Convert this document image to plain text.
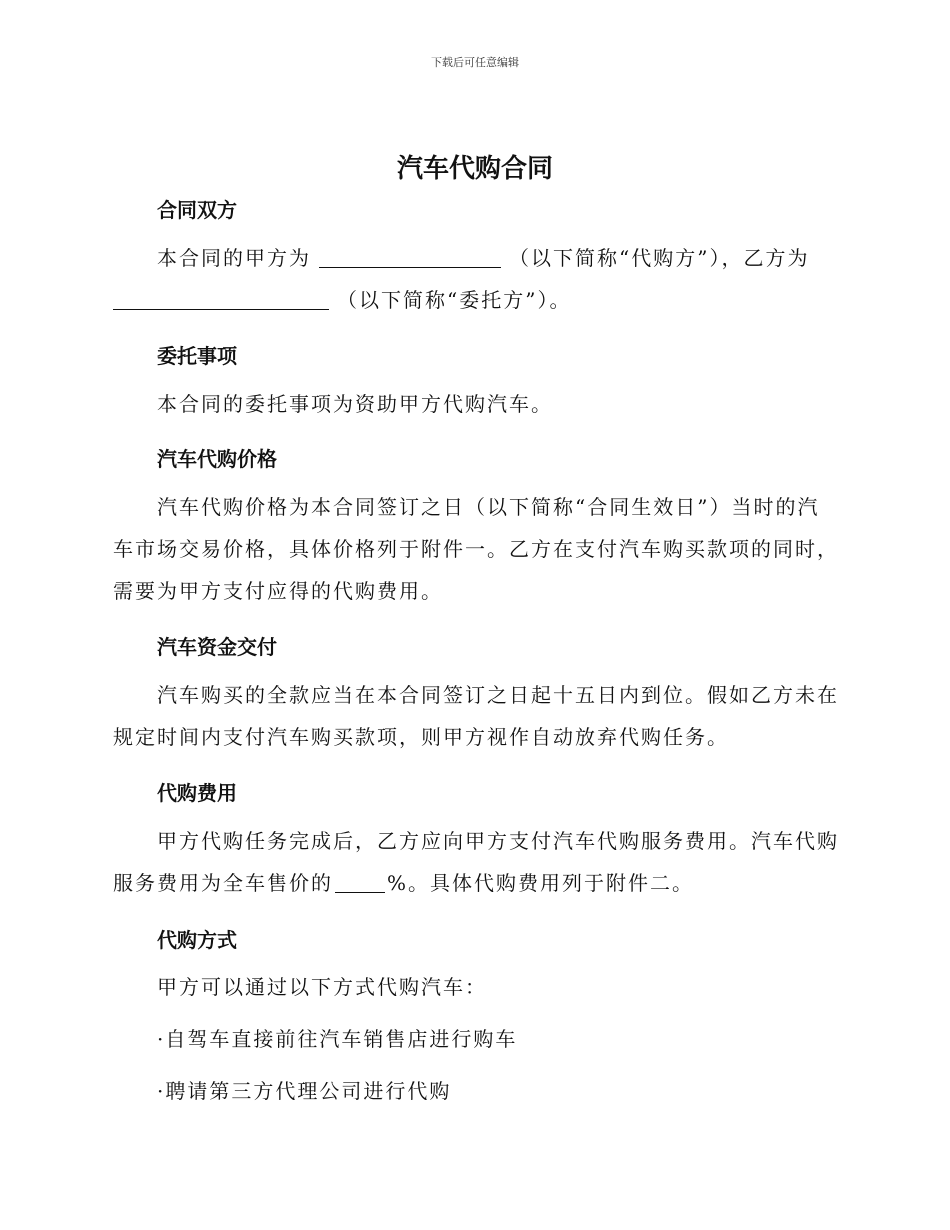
下载后可任意编辑
汽车代购合同
合同双方
本合同的甲方为	（以下简称“代购方”），乙方为
（以下简称“委托方”）。
委托事项
本合同的委托事项为资助甲方代购汽车。
汽车代购价格
汽车代购价格为本合同签订之日（以下简称“合同生效日”）当时的汽
车市场交易价格，具体价格列于附件一。乙方在支付汽车购买款项的同时，
需要为甲方支付应得的代购费用。
汽车资金交付
汽车购买的全款应当在本合同签订之日起十五日内到位。假如乙方未在
规定时间内支付汽车购买款项，则甲方视作自动放弃代购任务。
代购费用
甲方代购任务完成后，乙方应向甲方支付汽车代购服务费用。汽车代购
服务费用为全车售价的	%。具体代购费用列于附件二。
代购方式
甲方可以通过以下方式代购汽车：
·自驾车直接前往汽车销售店进行购车
·聘请第三方代理公司进行代购
